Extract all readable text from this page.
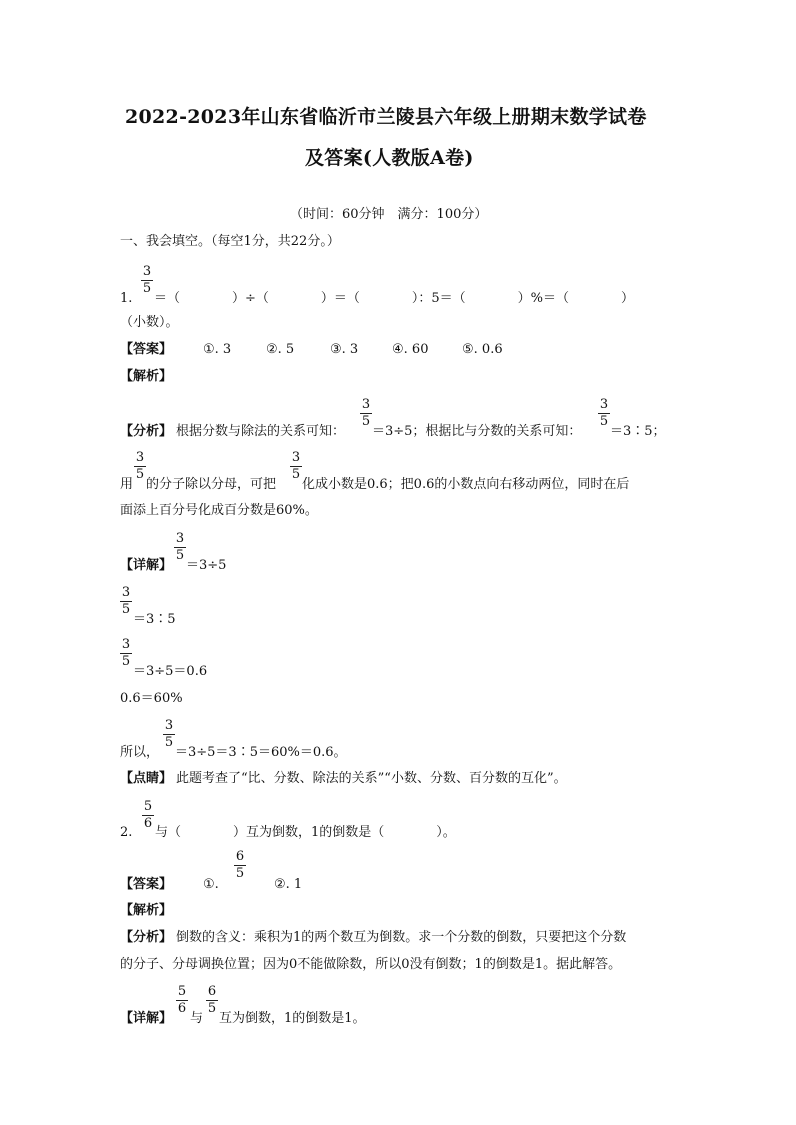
2022-2023年山东省临沂市兰陵县六年级上册期末数学试卷
及答案(人教版A卷)
（时间：60分钟　满分：100分）
一、我会填空。（每空1分，共22分。）
3
5
1. ＝（　　　　）÷（　　　　）＝（　　　　）：5＝（　　　　）%＝（　　　　）
（小数）。
【答案】 ①. 3	②. 5	③. 3	④. 60	⑤. 0.6
【解析】
【分析】 根据分数与除法的关系可知：
3
5
＝3÷5；根据比与分数的关系可知：
3
5
＝3∶5；
用
3
5
的分子除以分母，可把
3
5
化成小数是0.6；把0.6的小数点向右移动两位，同时在后
面添上百分号化成百分数是60%。
【详解】
3
5
＝3÷5
3
5
＝3∶5
3
5
＝3÷5＝0.6
0.6＝60%
所以，
3
5
＝3÷5＝3∶5＝60%＝0.6。
【点睛】 此题考查了“比、分数、除法的关系”“小数、分数、百分数的互化”。
5
6
2. 与（　　　　）互为倒数，1的倒数是（　　　　）。
【答案】 ①.
6
5
②. 1
【解析】
【分析】 倒数的含义：乘积为1的两个数互为倒数。求一个分数的倒数，只要把这个分数
的分子、分母调换位置；因为0不能做除数，所以0没有倒数；1的倒数是1。据此解答。
【详解】
5
6
与
6
5
互为倒数，1的倒数是1。
